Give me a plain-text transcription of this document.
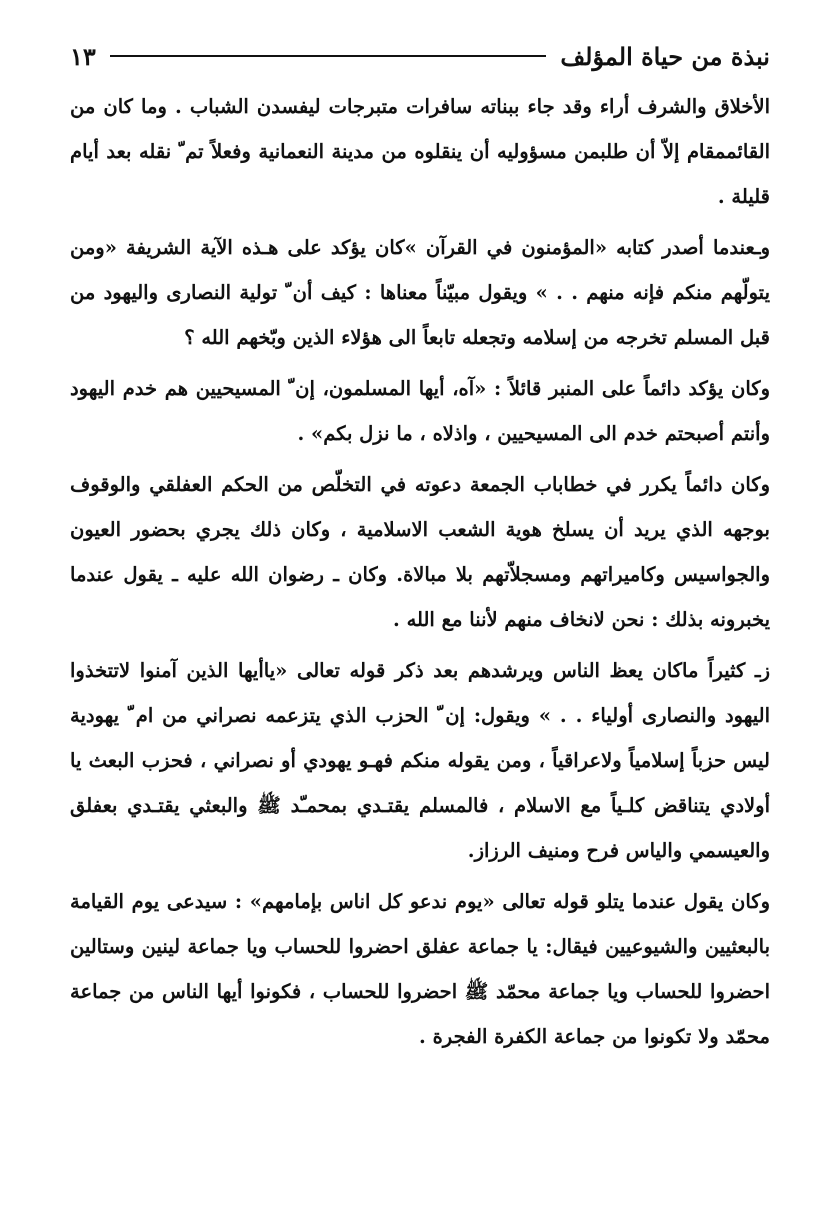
نبذة من حياة المؤلف
١٣

الأخلاق والشرف أراء وقد جاء ببناته سافرات متبرجات ليفسدن الشباب . وما كان من القائممقام إلاّ أن طلبمن مسؤوليه أن ينقلوه من مدينة النعمانية وفعلاً تم ّ نقله بعد أيام قليلة .

وـعندما أصدر كتابه «المؤمنون في القرآن »كان يؤكد على هـذه الآية الشريفة «ومن يتولّهم منكم فإنه منهم . . » ويقول مبيّناً معناها : كيف أن ّ تولية النصارى واليهود من قبل المسلم تخرجه من إسلامه وتجعله تابعاً الى هؤلاء الذين وبّخهم الله ؟

وكان يؤكد دائماً على المنبر قائلاً : «آه، أيها المسلمون، إن ّ المسيحيين هم خدم اليهود وأنتم أصبحتم خدم الى المسيحيين ، واذلاه ، ما نزل بكم» .

وكان دائماً يكرر في خطاباب الجمعة دعوته في التخلّص من الحكم العفلقي والوقوف بوجهه الذي يريد أن يسلخ هوية الشعب الاسلامية ، وكان ذلك يجري بحضور العيون والجواسيس وكاميراتهم ومسجلاّتهم بلا مبالاة. وكان ـ رضوان الله عليه ـ يقول عندما يخبرونه بذلك : نحن لانخاف منهم لأننا مع الله .

زـ كثيراً ماكان يعظ الناس ويرشدهم بعد ذكر قوله تعالى «ياأيها الذين آمنوا لاتتخذوا اليهود والنصارى أولياء . . » ويقول: إن ّ الحزب الذي يتزعمه نصراني من ام ّ يهودية ليس حزباً إسلامياً ولاعراقياً ، ومن يقوله منكم فهـو يهودي أو نصراني ، فحزب البعث يا أولادي يتناقض كلـياً مع الاسلام ، فالمسلم يقتـدي بمحمـّد ﷺ والبعثي يقتـدي بعفلق والعيسمي والياس فرح ومنيف الرزاز.

وكان يقول عندما يتلو قوله تعالى «يوم ندعو كل اناس بإمامهم» : سيدعى يوم القيامة بالبعثيين والشيوعيين فيقال: يا جماعة عفلق احضروا للحساب ويا جماعة لينين وستالين احضروا للحساب ويا جماعة محمّد ﷺ احضروا للحساب ، فكونوا أيها الناس من جماعة محمّد ولا تكونوا من جماعة الكفرة الفجرة .
